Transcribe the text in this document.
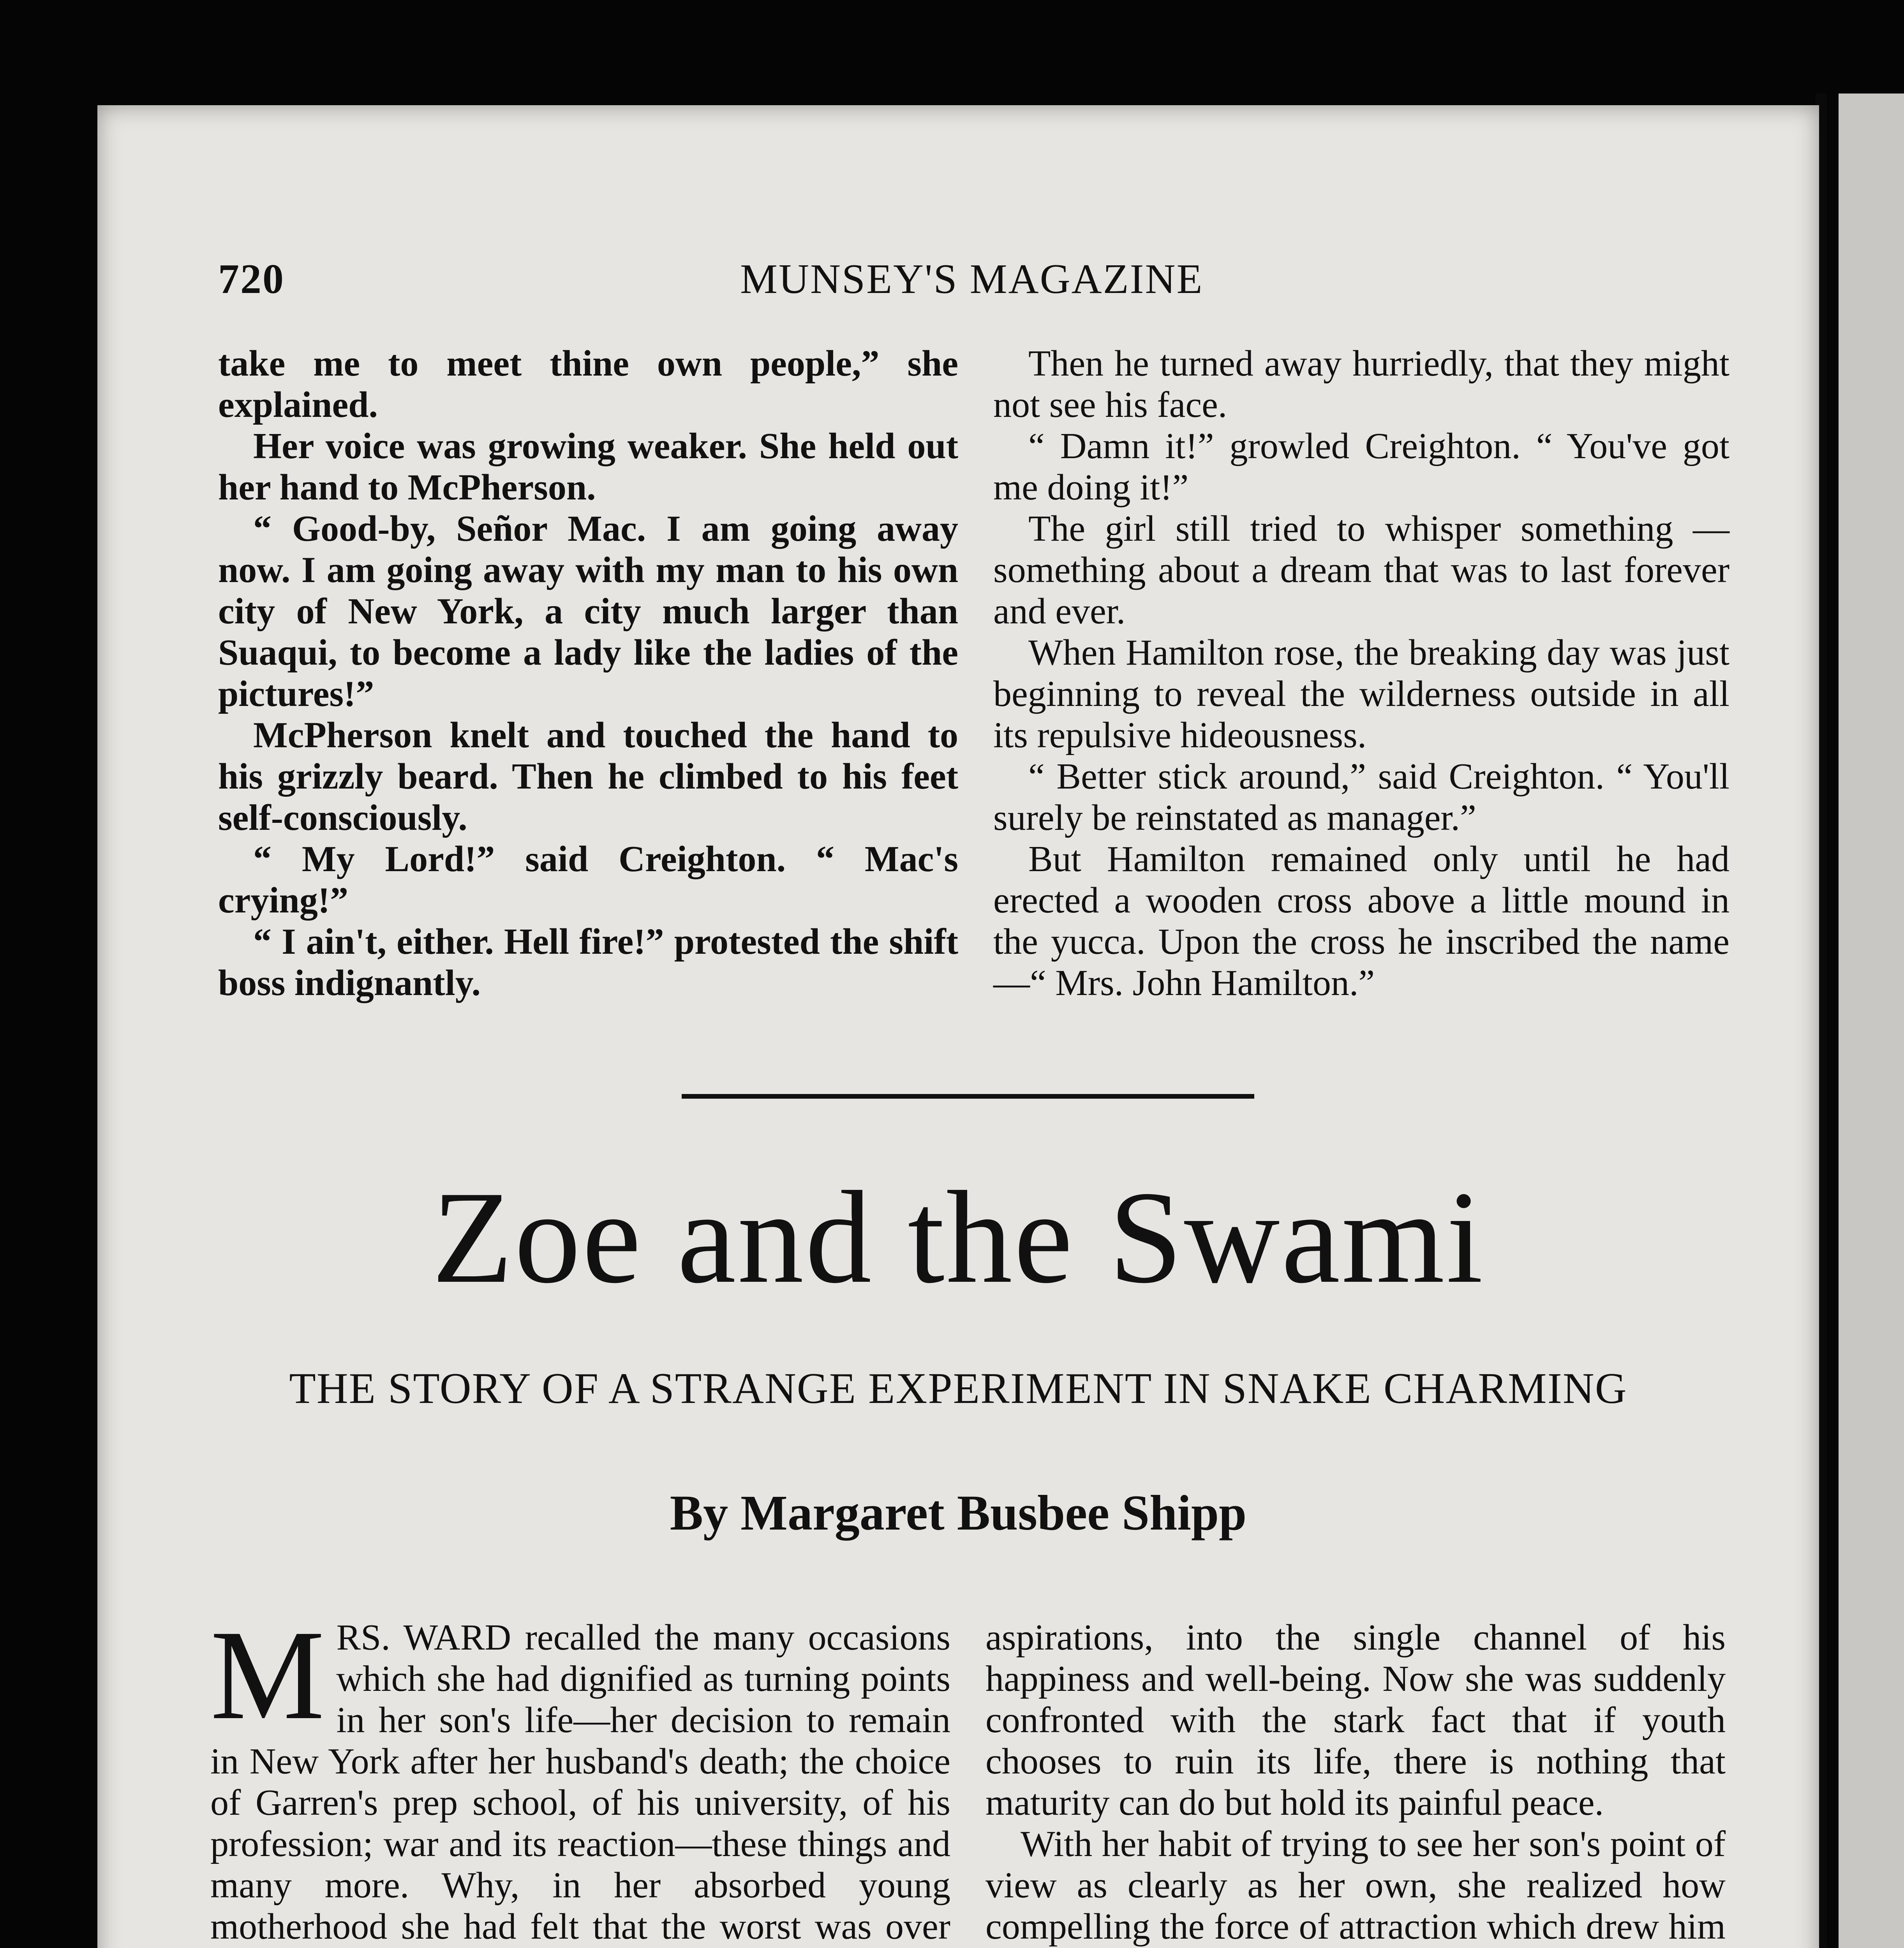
720	MUNSEY'S MAGAZINE

take me to meet thine own people,” she explained.

Her voice was growing weaker. She held out her hand to McPherson.

“ Good-by, Señor Mac. I am going away now. I am going away with my man to his own city of New York, a city much larger than Suaqui, to become a lady like the ladies of the pictures!”

McPherson knelt and touched the hand to his grizzly beard. Then he climbed to his feet self-consciously.

“ My Lord!” said Creighton. “ Mac's crying!”

“ I ain't, either. Hell fire!” protested the shift boss indignantly.

Then he turned away hurriedly, that they might not see his face.

“ Damn it!” growled Creighton. “ You've got me doing it!”

The girl still tried to whisper something —something about a dream that was to last forever and ever.

When Hamilton rose, the breaking day was just beginning to reveal the wilderness outside in all its repulsive hideousness.

“ Better stick around,” said Creighton. “ You'll surely be reinstated as manager.”

But Hamilton remained only until he had erected a wooden cross above a little mound in the yucca. Upon the cross he inscribed the name—“ Mrs. John Hamilton.”

Zoe and the Swami
THE STORY OF A STRANGE EXPERIMENT IN SNAKE CHARMING
By Margaret Busbee Shipp

MRS. WARD recalled the many occasions which she had dignified as turning points in her son's life—her decision to remain in New York after her husband's death; the choice of Garren's prep school, of his university, of his profession; war and its reaction—these things and many more. Why, in her absorbed young motherhood she had felt that the worst was over

aspirations, into the single channel of his happiness and well-being. Now she was suddenly confronted with the stark fact that if youth chooses to ruin its life, there is nothing that maturity can do but hold its painful peace.

With her habit of trying to see her son's point of view as clearly as her own, she realized how compelling the force of attraction which drew him
